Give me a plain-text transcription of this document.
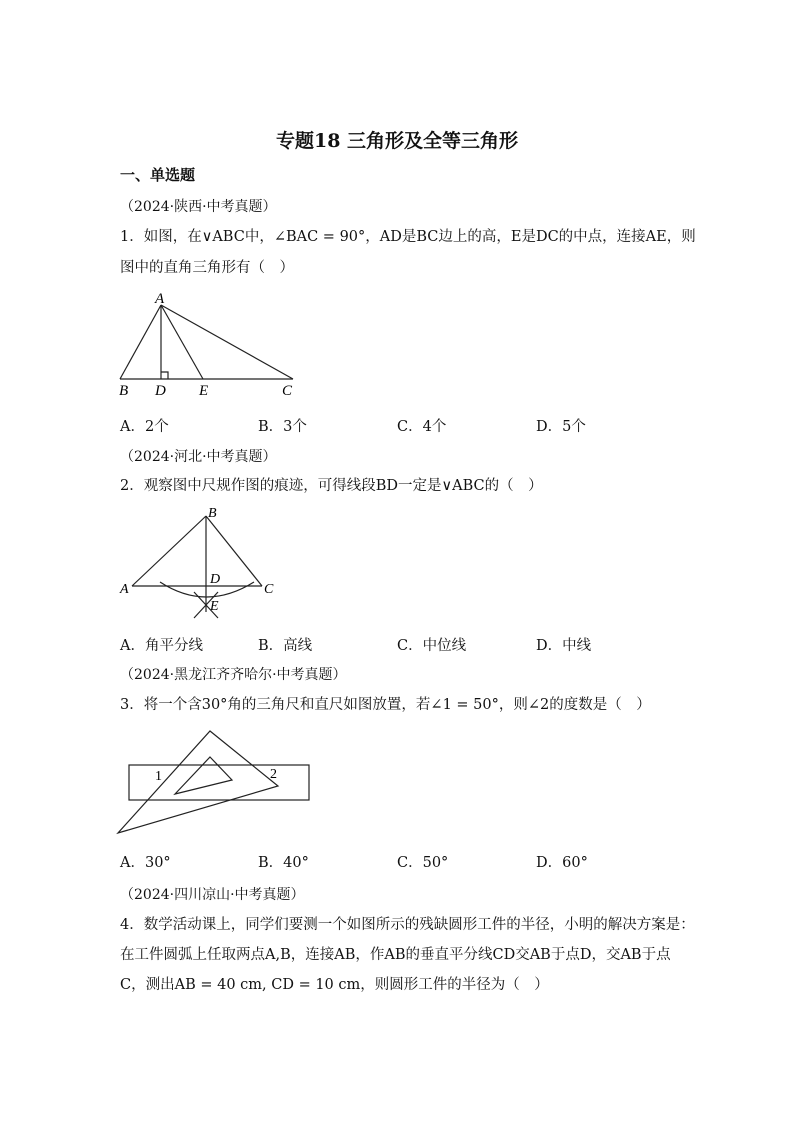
专题18 三角形及全等三角形
一、单选题
（2024·陕西·中考真题）
1．如图，在∨ABC中，∠BAC = 90°，AD是BC边上的高，E是DC的中点，连接AE，则
图中的直角三角形有（　）
A
B D E	C
A．2个	B．3个	C．4个	D．5个
（2024·河北·中考真题）
2．观察图中尺规作图的痕迹，可得线段BD一定是∨ABC的（　）
B
A
D
C
E
A．角平分线	B．高线	C．中位线	D．中线
（2024·黑龙江齐齐哈尔·中考真题）
3．将一个含30°角的三角尺和直尺如图放置，若∠1 = 50°，则∠2的度数是（　）
1	2
A．30°	B．40°	C．50°	D．60°
（2024·四川凉山·中考真题）
4．数学活动课上，同学们要测一个如图所示的残缺圆形工件的半径，小明的解决方案是：
在工件圆弧上任取两点A,B，连接AB，作AB的垂直平分线CD交AB于点D，交AB于点
C，测出AB = 40 cm, CD = 10 cm，则圆形工件的半径为（　）
